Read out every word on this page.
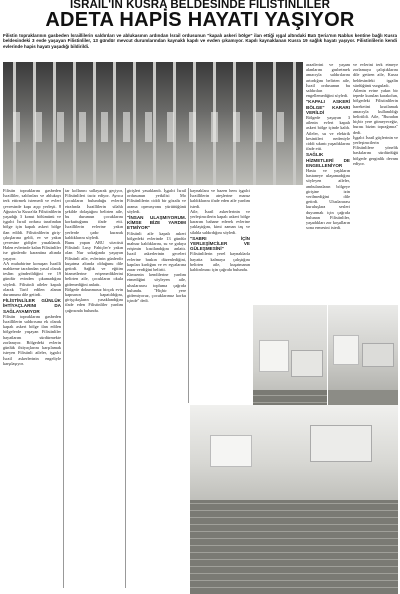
İSRAİL'İN KUSRA BELDESİNDE FİLİSTİNLİLER
ADETA HAPİS HAYATI YAŞIYOR
Filistin topraklarının gasbeden İsraillilerin saldırıları ve ablukasının ardından İsrail ordusunun "kapalı askeri bölge" ilan ettiği ışgal altındaki Batı Şeria'nın Nablus kentine bağlı Kusra beldesindeki 3 evde yaşayan Filistinliler, 13 gündür mevcut durumlarından kaynaklı kapılı ve evden çıkamıyor. Kapılı kaynaklanan Kusra 19 sağlık hayatı yaşıyor. Filistinlilerin kendi evlerinde hapis hayatı yaşadığı bildirildi.

arazilerini ve yaşam alanlarını gasbetmek amacıyla saldırılarını artırdığını belirten aile, İsrail ordusunun bu saldırıları engellemediğini söyledi.

"KAPALI ASKERİ BÖLGE" KARARI VERİLDİ

Bölgede yaşayan 3 ailenin evleri kapalı askeri bölge içinde kaldı. Aileler, su ve elektrik kesintileri nedeniyle ciddi sıkıntı yaşadıklarını ifade etti.

SAĞLIK HİZMETLERİ DE ENGELLENİYOR

Hasta ve yaşlıların hastaneye ulaşamadığını söyleyen aileler, ambulansların bölgeye girişine izin verilmediğini dile getirdi. Uluslararası kuruluşlara sesleri duyurmak için çağrıda bulunan Filistinliler, yaşadıkları zor koşulların sona ermesini istedi.

ve evlerini terk etmeye zorlamaya çalıştıklarını dile getiren aile, Kusra beldesindeki işgalin sürdüğünü vurguladı.

Ailenin evine yakın bir tepede kurulan karakolun, bölgedeki Filistinlilerin hareketini kısıtlamak amacıyla kullanıldığı belirtildi. Aile, "Buradan hiçbir yere gitmeyeceğiz, burası bizim toprağımız" dedi.

İşgalci İsrail güçlerinin ve yerleşimcilerin Filistinlilere yönelik baskılarını sürdürdüğü bölgede gerginlik devam ediyor.

Filistin topraklarını gasbeden İsrailliler, saldırıları ve ablukayı terk ettirmek istemedi ve evleri çevresinde kapı açıp yerleşti. 8 Ağustos'ta Kusra'da Filistinlilerin yaşadığı 3 konut bölümünü ve işgalci İsrail ordusu tarafından bölge için kapalı askeri bölge ilan edildi. Filistinlilerin giriş-çıkışlarına geldi, ev ve yakın çevresine gidişler yasaklandı. Halen evlerinde kalan Filistinliler ise günlerdir karantina altında yaşıyor.

AA muhabirine konuşan İsrailli mahkeme tarafından yasal olarak teslim gönderildiğini ve 19 gündür evinden çıkamadığını söyledi. Filistinli aileler kapalı olarak Tarif edilen alanın durumunu dile getirdi.

FİLİSTİNLİLER GÜNLÜK İHTİYAÇLARINI DA SAĞLAYAMIYOR

Filistin topraklarını gasbeden İsraillilerin saldırısına ek olarak kapalı askeri bölge ilan edilen bölgelerde yaşayan Filistinliler hayatlarını sürdürmekte zorlanıyor. Bölgedeki evlerin günlük ihtiyaçlarını karşılamak isteyen Filistinli aileler, işgalci İsrail askerlerinin engeliyle karşılaşıyor.

tar kollarını sallayarak geçiyor, Filistinlileri taciz ediyor. Ayrıca çocukların bulunduğu evlerin etrafında İsraillilerin silahlı şekilde dolaştığını belirten aile, bu durumun çocuklarını korkuttuğunu ifade etti. İsraillilerin evlerine yakın yerlerde çadır kurarak kaldıklarını söyledi.

Bunu yapan ARU sözcüsü Filistinli Lusy Fahiçler'e yakın olan Nur sokağında yaşayan Filistinli aile, evlerinin günlerdir kuşatma altında olduğunu dile getirdi. Sağlık ve eğitim hizmetlerine erişemediklerini belirten aile, çocukların okula gidemediğini anlattı.

Bölgede dokunmasız birçok evin kapısının kapatıldığını, girişçıkışların yasaklandığını ifade eden Filistinliler yardım çağrısında bulundu.

girişleri yasaklandı. İşgalci İsrail ordusunun yetkilisi Mo Filistinlilerin ciddi bir gözaltı ve arama operasyonu yürüttüğünü söyledi.

"İNSAN ULAŞMIYORUM. KİMSE BİZE YARDIM ETMİYOR"

Filistinli aile kapalı askeri bölgedeki evlerinde 13 gündür mahsur kaldıklarını, su ve gıdaya erişimin kısıtlandığını anlattı. İsrail askerlerinin geceleri evlerine baskın düzenlediğini, kapıları kırdığını ve ev eşyalarına zarar verdiğini belirtti.

Kimsenin kendilerine yardım etmediğini söyleyen aile, uluslararası topluma çağrıda bulundu. "Hiçbir yere gidemiyoruz, çocuklarımız korku içinde" dedi.

kaynaklara ve bazen hem işgalci İsraillilerin ateşlerine maruz kaldıklarını ifade eden aile yardım istedi.

Aile, İsrail askerlerinin ve yerleşimcilerin kapalı askeri bölge kararını bahane ederek evlerine yaklaştığını, kimi zaman taş ve silahla saldırdığını söyledi.

"SABRI İÇİN YERLEŞİMCİLER VE GÜLEŞMESİNİ"

Filistinlilerin yerel kaynaklarla hayatta kalmaya çalıştığını belirten aile, kuşatmanın kaldırılması için çağrıda bulundu.
